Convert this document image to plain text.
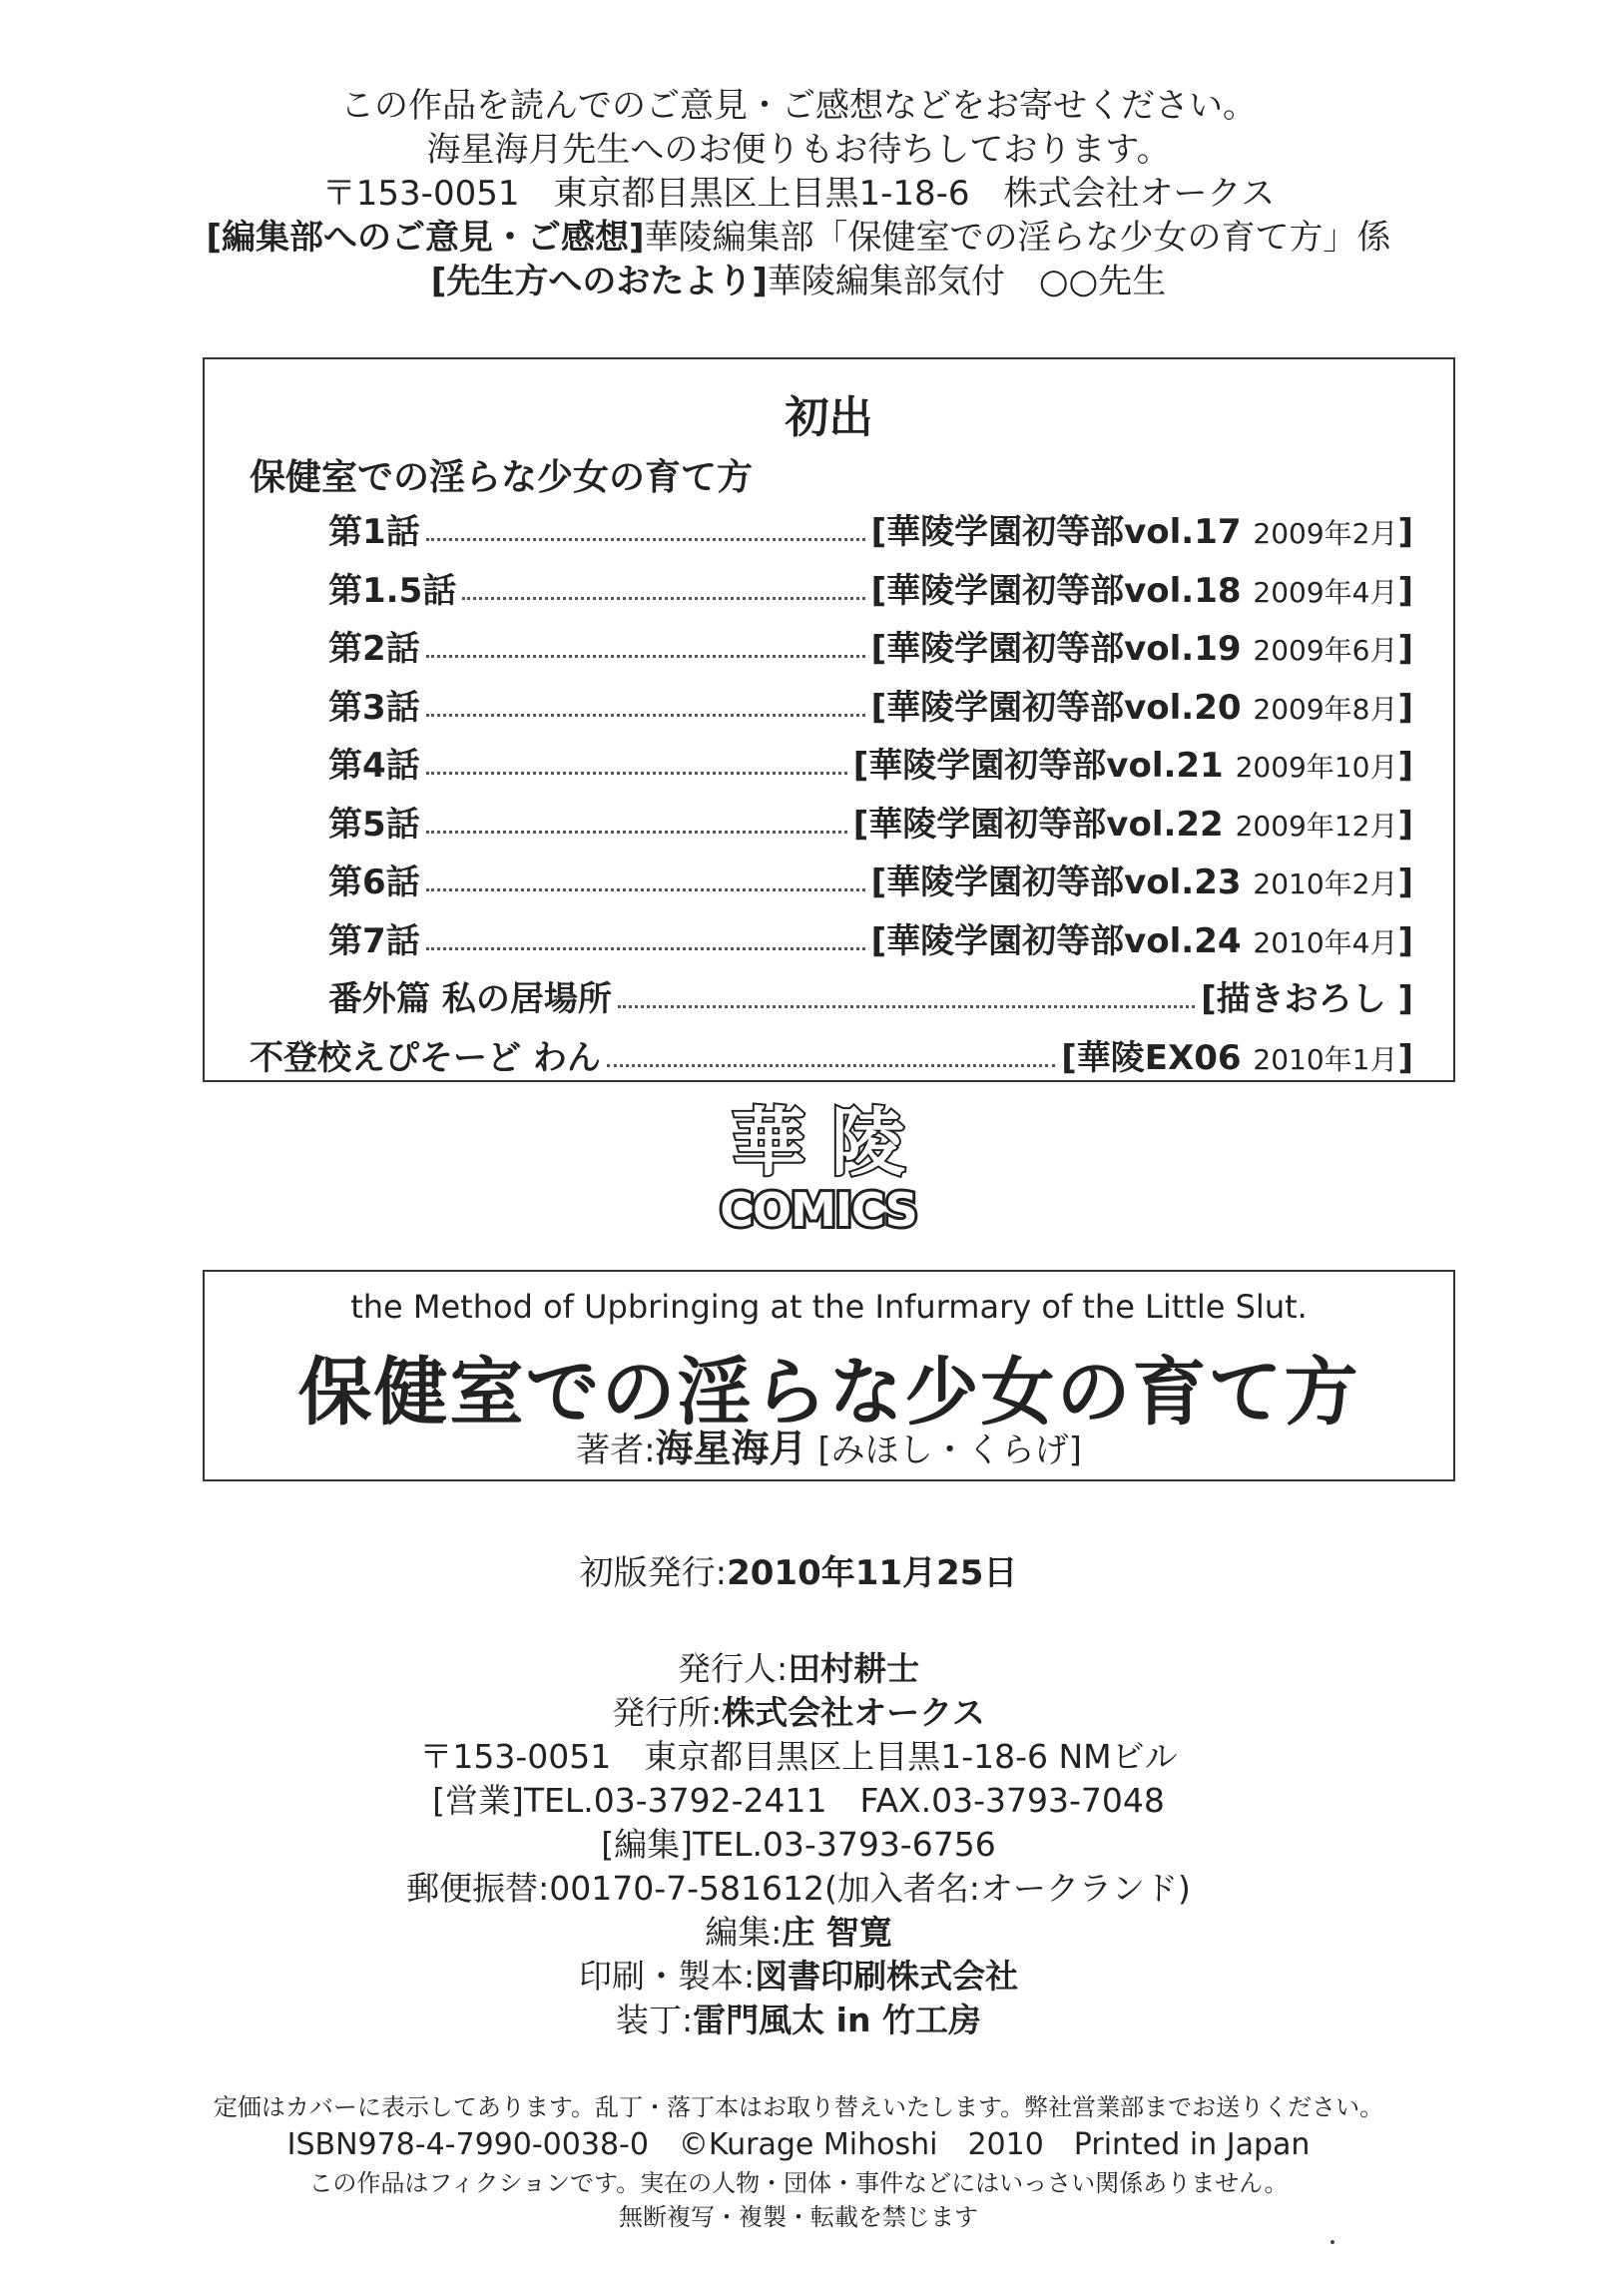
この作品を読んでのご意見・ご感想などをお寄せください。
海星海月先生へのお便りもお待ちしております。
〒153-0051　東京都目黒区上目黒1-18-6　株式会社オークス
[編集部へのご意見・ご感想]華陵編集部「保健室での淫らな少女の育て方」係
[先生方へのおたより]華陵編集部気付　○○先生
初出
保健室での淫らな少女の育て方
第1話	[華陵学園初等部vol.17 2009年2月]
第1.5話	[華陵学園初等部vol.18 2009年4月]
第2話	[華陵学園初等部vol.19 2009年6月]
第3話	[華陵学園初等部vol.20 2009年8月]
第4話	[華陵学園初等部vol.21 2009年10月]
第5話	[華陵学園初等部vol.22 2009年12月]
第6話	[華陵学園初等部vol.23 2010年2月]
第7話	[華陵学園初等部vol.24 2010年4月]
番外篇 私の居場所	[描きおろし ]
不登校えぴそーど わん	[華陵EX06 2010年1月]
華 陵
COMICS
the Method of Upbringing at the Infurmary of the Little Slut.
保健室での淫らな少女の育て方
著者:海星海月 [みほし・くらげ]
初版発行:2010年11月25日
発行人:田村耕士
発行所:株式会社オークス
〒153-0051　東京都目黒区上目黒1-18-6 NMビル
[営業]TEL.03-3792-2411　FAX.03-3793-7048
[編集]TEL.03-3793-6756
郵便振替:00170-7-581612(加入者名:オークランド)
編集:庄 智寛
印刷・製本:図書印刷株式会社
装丁:雷門風太 in 竹工房
定価はカバーに表示してあります。乱丁・落丁本はお取り替えいたします。弊社営業部までお送りください。
ISBN978-4-7990-0038-0　©Kurage Mihoshi　2010　Printed in Japan
この作品はフィクションです。実在の人物・団体・事件などにはいっさい関係ありません。
無断複写・複製・転載を禁じます
